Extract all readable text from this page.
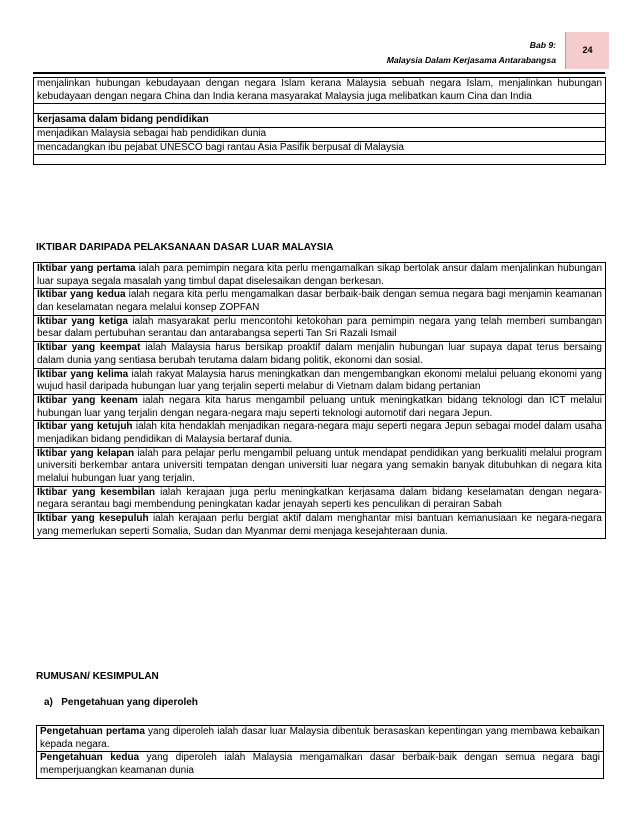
Bab 9:
Malaysia Dalam Kerjasama Antarabangsa
24
menjalinkan hubungan kebudayaan dengan negara Islam kerana Malaysia sebuah negara Islam, menjalinkan hubungan kebudayaan dengan negara China dan India kerana masyarakat Malaysia juga melibatkan kaum Cina dan India

kerjasama dalam bidang pendidikan
menjadikan Malaysia sebagai hab pendidikan dunia
mencadangkan ibu pejabat UNESCO bagi rantau Asia Pasifik berpusat di Malaysia

IKTIBAR DARIPADA PELAKSANAAN DASAR LUAR MALAYSIA
Iktibar yang pertama ialah para pemimpin negara kita perlu mengamalkan sikap bertolak ansur dalam menjalinkan hubungan luar supaya segala masalah yang timbul dapat diselesaikan dengan berkesan.
Iktibar yang kedua ialah negara kita perlu mengamalkan dasar berbaik-baik dengan semua negara bagi menjamin keamanan dan keselamatan negara melalui konsep ZOPFAN
Iktibar yang ketiga ialah masyarakat perlu mencontohi ketokohan para pemimpin negara yang telah memberi sumbangan besar dalam pertubuhan serantau dan antarabangsa seperti Tan Sri Razali Ismail
Iktibar yang keempat ialah Malaysia harus bersikap proaktif dalam menjalin hubungan luar supaya dapat terus bersaing dalam dunia yang sentiasa berubah terutama dalam bidang politik, ekonomi dan sosial.
Iktibar yang kelima ialah rakyat Malaysia harus meningkatkan dan mengembangkan ekonomi melalui peluang ekonomi yang wujud hasil daripada hubungan luar yang terjalin seperti melabur di Vietnam dalam bidang pertanian
Iktibar yang keenam ialah negara kita harus mengambil peluang untuk meningkatkan bidang teknologi dan ICT melalui hubungan luar yang terjalin dengan negara-negara maju seperti teknologi automotif dari negara Jepun.
Iktibar yang ketujuh ialah kita hendaklah menjadikan negara-negara maju seperti negara Jepun sebagai model dalam usaha menjadikan bidang pendidikan di Malaysia bertaraf dunia.
Iktibar yang kelapan ialah para pelajar perlu mengambil peluang untuk mendapat pendidikan yang berkualiti melalui program universiti berkembar antara universiti tempatan dengan universiti luar negara yang semakin banyak ditubuhkan di negara kita melalui hubungan luar yang terjalin.
Iktibar yang kesembilan ialah kerajaan juga perlu meningkatkan kerjasama dalam bidang keselamatan dengan negara-negara serantau bagi membendung peningkatan kadar jenayah seperti kes penculikan di perairan Sabah
Iktibar yang kesepuluh ialah kerajaan perlu bergiat aktif dalam menghantar misi bantuan kemanusiaan ke negara-negara yang memerlukan seperti Somalia, Sudan dan Myanmar demi menjaga kesejahteraan dunia.
RUMUSAN/ KESIMPULAN
a)   Pengetahuan yang diperoleh
Pengetahuan pertama yang diperoleh ialah dasar luar Malaysia dibentuk berasaskan kepentingan yang membawa kebaikan kepada negara.
Pengetahuan kedua yang diperoleh ialah Malaysia mengamalkan dasar berbaik-baik dengan semua negara bagi memperjuangkan keamanan dunia
